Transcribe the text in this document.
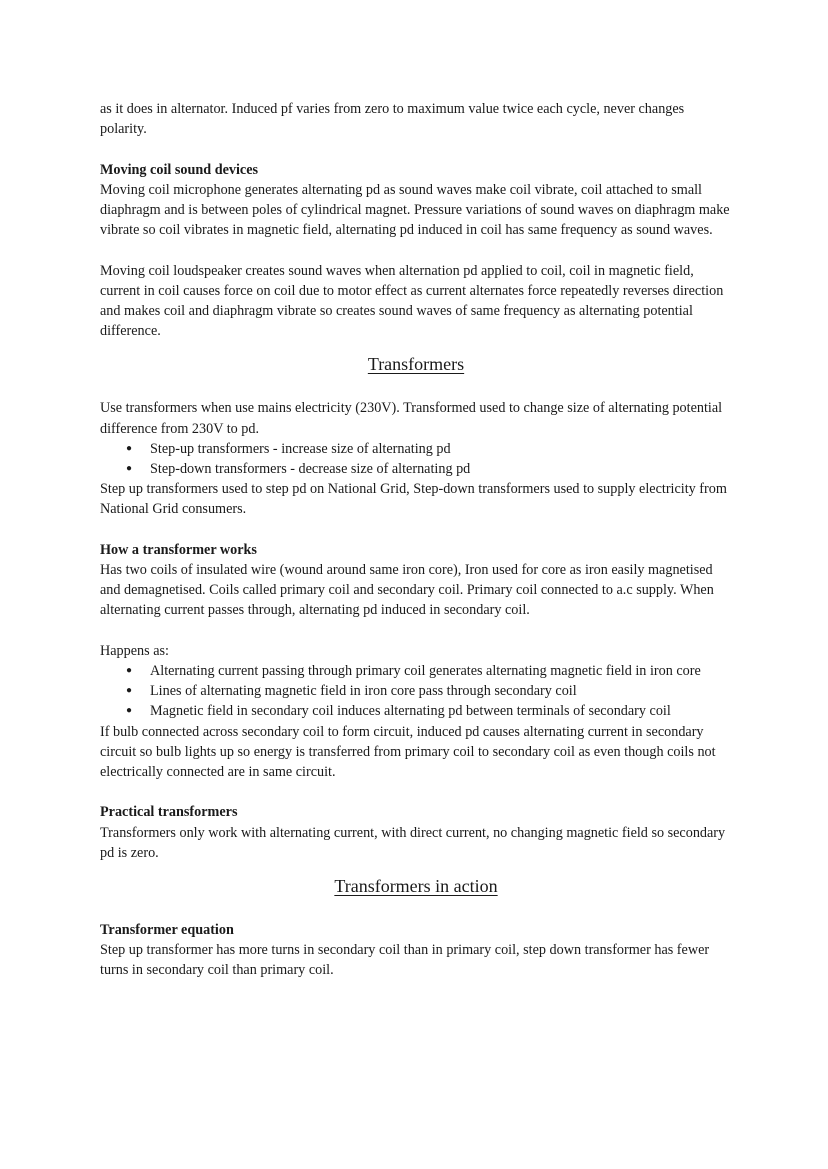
as it does in alternator. Induced pf varies from zero to maximum value twice each cycle, never changes polarity.

Moving coil sound devices

Moving coil microphone generates alternating pd as sound waves make coil vibrate, coil attached to small diaphragm and is between poles of cylindrical magnet. Pressure variations of sound waves on diaphragm make vibrate so coil vibrates in magnetic field, alternating pd induced in coil has same frequency as sound waves.

Moving coil loudspeaker creates sound waves when alternation pd applied to coil, coil in magnetic field, current in coil causes force on coil due to motor effect as current alternates force repeatedly reverses direction and makes coil and diaphragm vibrate so creates sound waves of same frequency as alternating potential difference.

Transformers

Use transformers when use mains electricity (230V). Transformed used to change size of alternating potential difference from 230V to pd.

● Step-up transformers - increase size of alternating pd
● Step-down transformers - decrease size of alternating pd

Step up transformers used to step pd on National Grid, Step-down transformers used to supply electricity from National Grid consumers.

How a transformer works

Has two coils of insulated wire (wound around same iron core), Iron used for core as iron easily magnetised and demagnetised. Coils called primary coil and secondary coil. Primary coil connected to a.c supply. When alternating current passes through, alternating pd induced in secondary coil.

Happens as:

● Alternating current passing through primary coil generates alternating magnetic field in iron core
● Lines of alternating magnetic field in iron core pass through secondary coil
● Magnetic field in secondary coil induces alternating pd between terminals of secondary coil

If bulb connected across secondary coil to form circuit, induced pd causes alternating current in secondary circuit so bulb lights up so energy is transferred from primary coil to secondary coil as even though coils not electrically connected are in same circuit.

Practical transformers

Transformers only work with alternating current, with direct current, no changing magnetic field so secondary pd is zero.

Transformers in action

Transformer equation

Step up transformer has more turns in secondary coil than in primary coil, step down transformer has fewer turns in secondary coil than primary coil.
